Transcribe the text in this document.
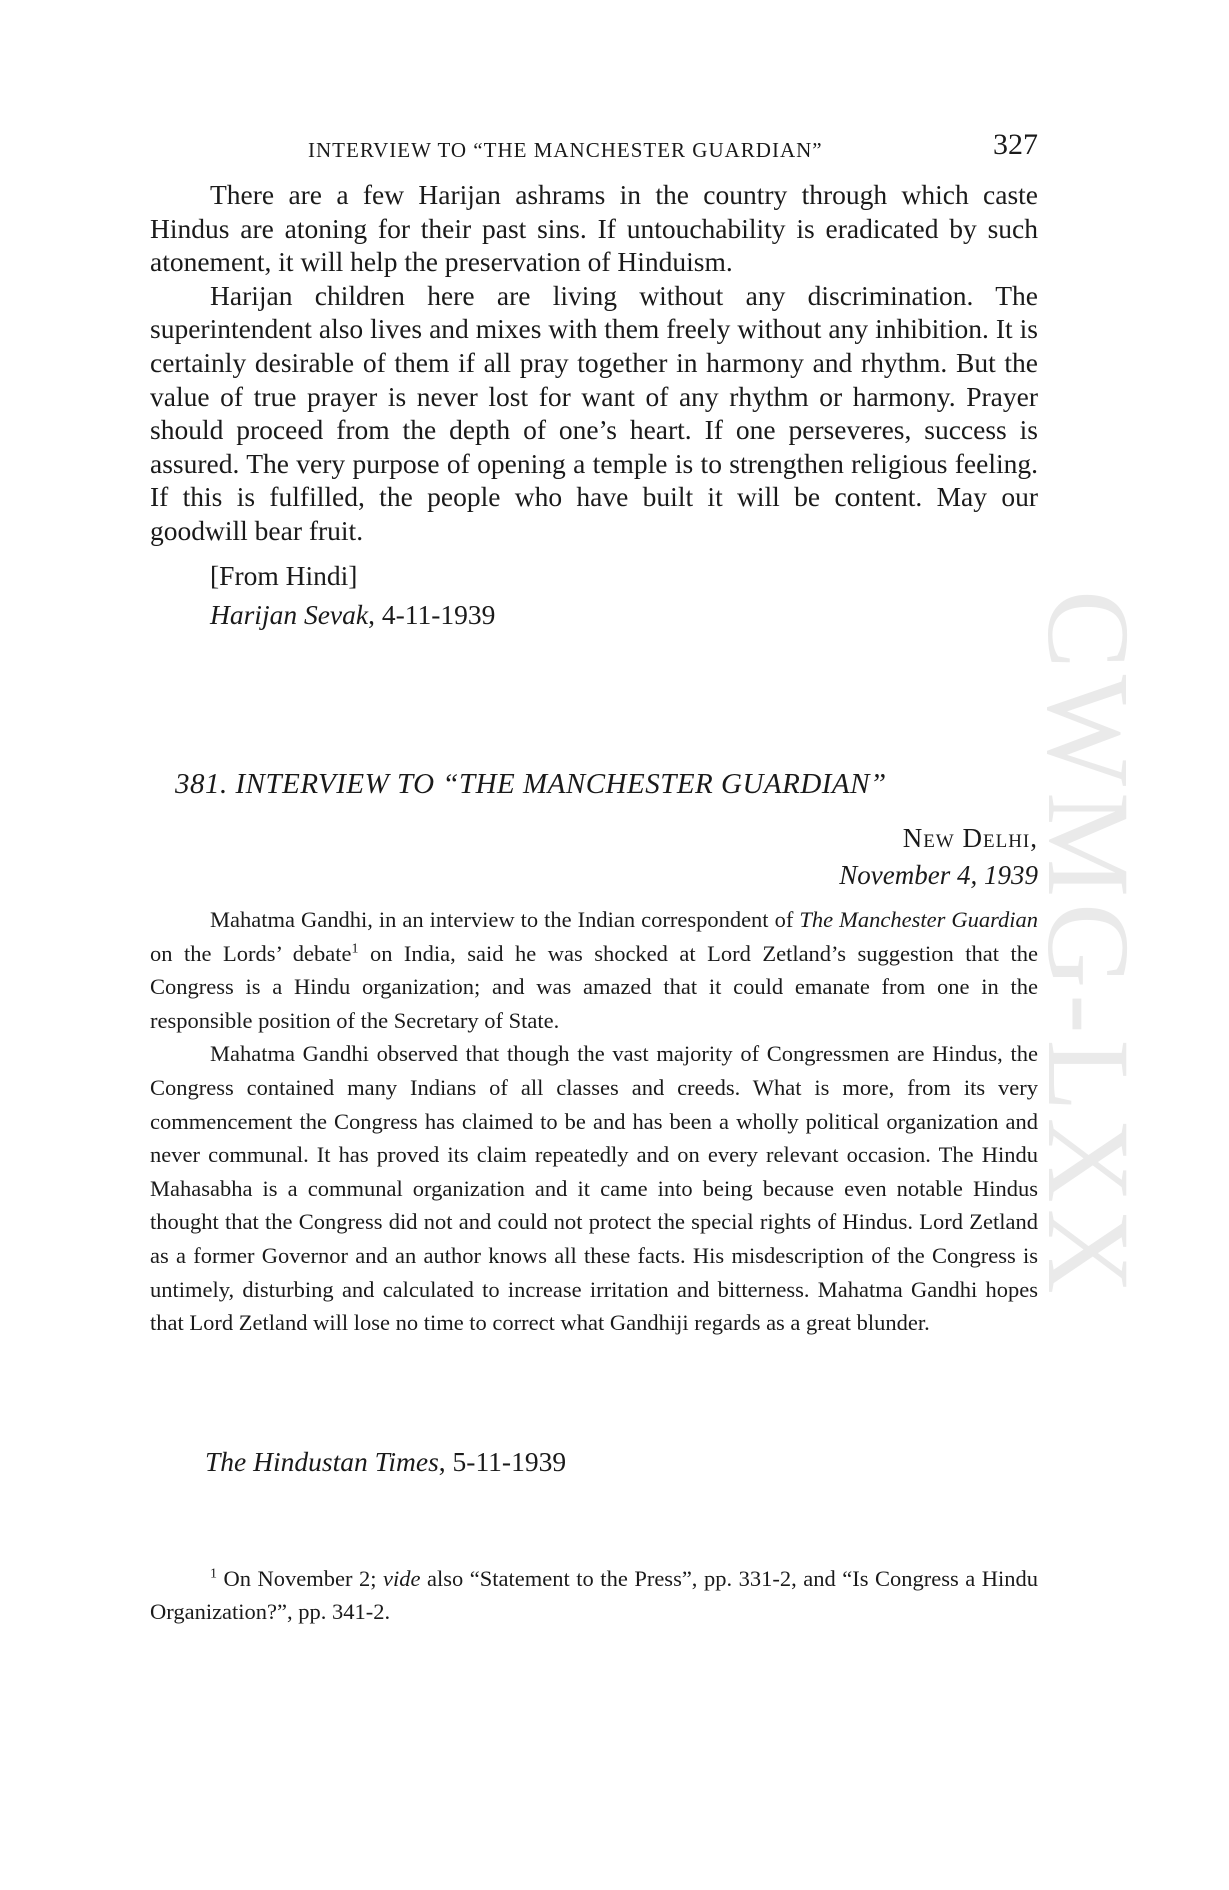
INTERVIEW TO “THE MANCHESTER GUARDIAN”	327

There are a few Harijan ashrams in the country through which caste Hindus are atoning for their past sins. If untouchability is eradicated by such atonement, it will help the preservation of Hinduism.

Harijan children here are living without any discrimination. The superintendent also lives and mixes with them freely without any inhibition. It is certainly desirable of them if all pray together in harmony and rhythm. But the value of true prayer is never lost for want of any rhythm or harmony. Prayer should proceed from the depth of one’s heart. If one perseveres, success is assured. The very purpose of opening a temple is to strengthen religious feeling. If this is fulfilled, the people who have built it will be content. May our goodwill bear fruit.

[From Hindi]
Harijan Sevak, 4-11-1939
381. INTERVIEW TO “THE MANCHESTER GUARDIAN”
New Delhi,
November 4, 1939

Mahatma Gandhi, in an interview to the Indian correspondent of The Manchester Guardian on the Lords’ debate$^1$ on India, said he was shocked at Lord Zetland’s suggestion that the Congress is a Hindu organization; and was amazed that it could emanate from one in the responsible position of the Secretary of State.

Mahatma Gandhi observed that though the vast majority of Congressmen are Hindus, the Congress contained many Indians of all classes and creeds. What is more, from its very commencement the Congress has claimed to be and has been a wholly political organization and never communal. It has proved its claim repeatedly and on every relevant occasion. The Hindu Mahasabha is a communal organization and it came into being because even notable Hindus thought that the Congress did not and could not protect the special rights of Hindus. Lord Zetland as a former Governor and an author knows all these facts. His misdescription of the Congress is untimely, disturbing and calculated to increase irritation and bitterness. Mahatma Gandhi hopes that Lord Zetland will lose no time to correct what Gandhiji regards as a great blunder.

The Hindustan Times, 5-11-1939

$^1$ On November 2; vide also “Statement to the Press”, pp. 331-2, and “Is Congress a Hindu Organization?”, pp. 341-2.

CWMG-LXX
